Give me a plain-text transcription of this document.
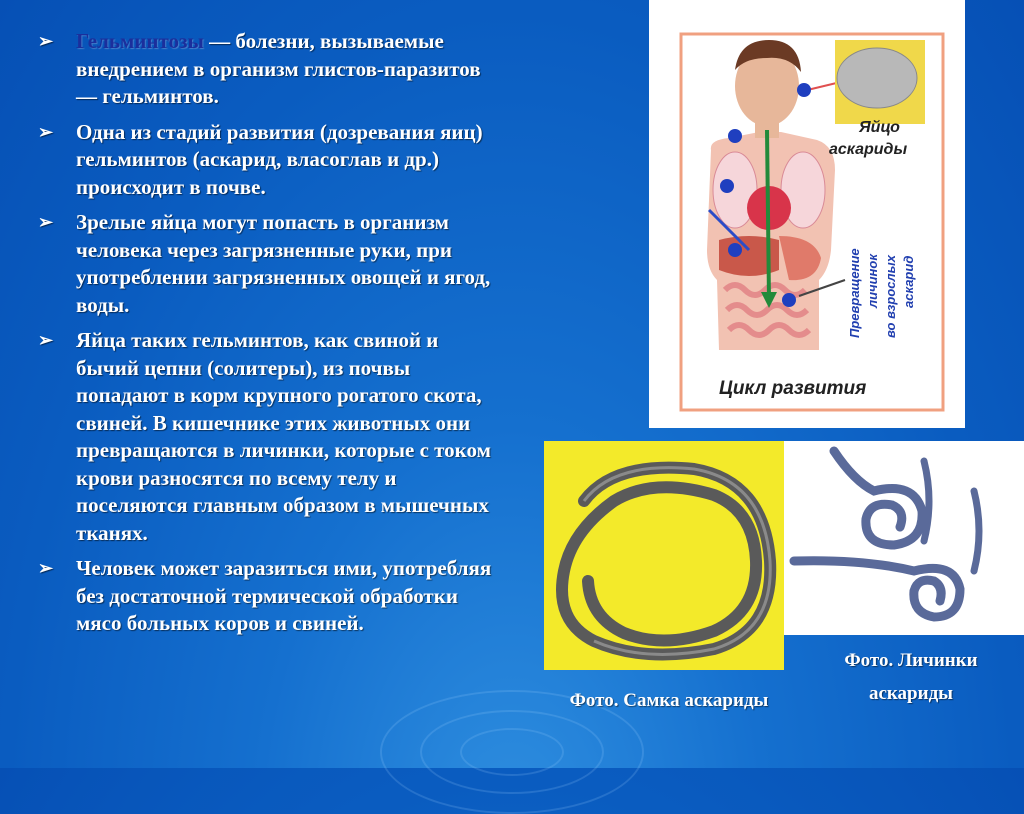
➢ Гельминтозы — болезни, вызываемые внедрением в организм глистов-паразитов — гельминтов.
➢ Одна из стадий развития (дозревания яиц) гельминтов (аскарид, власоглав и др.) происходит в почве.
➢ Зрелые яйца могут попасть в организм человека через загрязненные руки, при употреблении загрязненных овощей и ягод, воды.
➢ Яйца таких гельминтов, как свиной и бычий цепни (солитеры), из почвы попадают в корм крупного рогатого скота, свиней. В кишечнике этих животных они превращаются в личинки, которые с током крови разносятся по всему телу и поселяются главным образом в мышечных тканях.
➢ Человек может заразиться ими, употребляя без достаточной термической обработки мясо больных коров и свиней.
Яйцо
аскариды
Превращение личинок во взрослых аскарид
Цикл развития
Фото. Самка аскариды
Фото. Личинки
аскариды
